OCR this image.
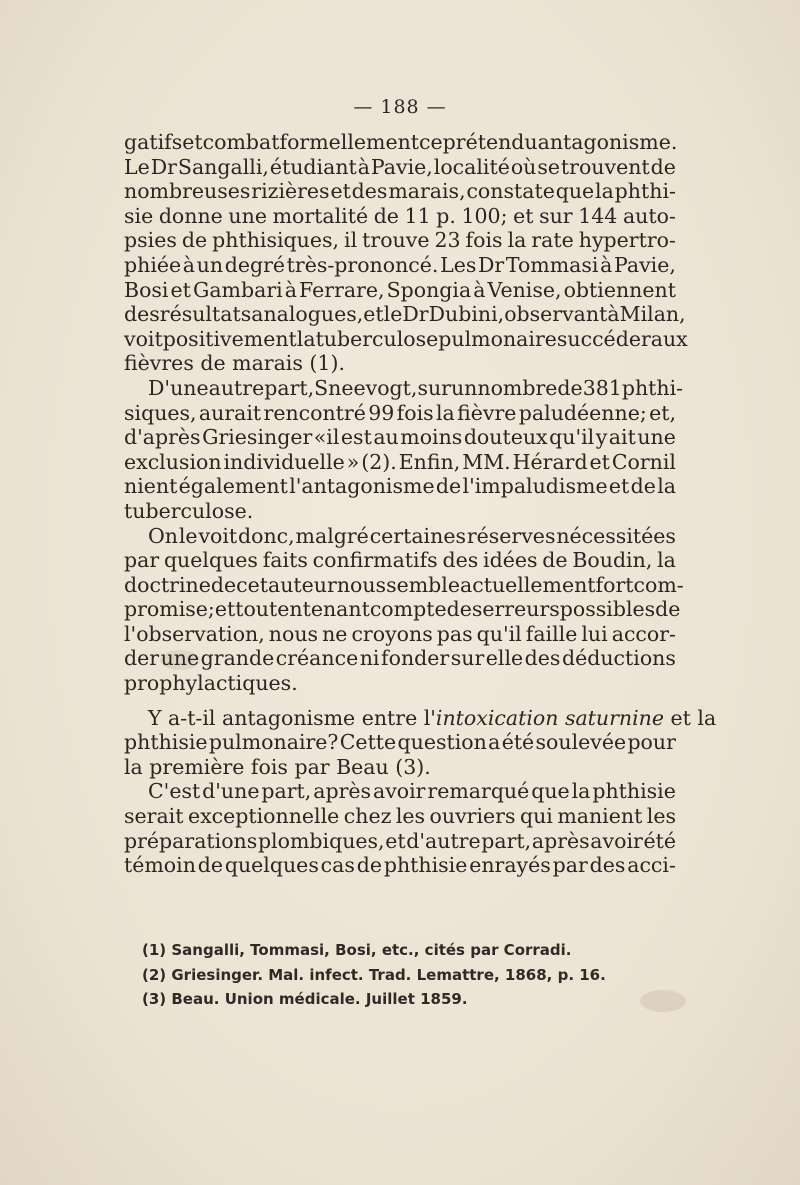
— 188 —
gatifs et combat formellement ce prétendu antagonisme.
Le Dr Sangalli, étudiant à Pavie, localité où se trouvent de
nombreuses rizières et des marais, constate que la phthi-
sie donne une mortalité de 11 p. 100; et sur 144 auto-
psies de phthisiques, il trouve 23 fois la rate hypertro-
phiée à un degré très-prononcé. Les Dr Tommasi à Pavie,
Bosi et Gambari à Ferrare, Spongia à Venise, obtiennent
des résultats analogues, et le Dr Dubini, observant à Milan,
voit positivement la tuberculose pulmonaire succéder aux
fièvres de marais (1).
D'une autre part, Sneevogt, sur un nombre de 381 phthi-
siques, aurait rencontré 99 fois la fièvre paludéenne; et,
d'après Griesinger «il est au moins douteux qu'il y ait une
exclusion individuelle » (2). Enfin, MM. Hérard et Cornil
nient également l'antagonisme de l'impaludisme et de la
tuberculose.
On le voit donc, malgré certaines réserves nécessitées
par quelques faits confirmatifs des idées de Boudin, la
doctrine de cet auteur nous semble actuellement fort com-
promise; et tout en tenant compte des erreurs possibles de
l'observation, nous ne croyons pas qu'il faille lui accor-
der une grande créance ni fonder sur elle des déductions
prophylactiques.
Y a-t-il antagonisme entre l' intoxication saturnine et la
phthisie pulmonaire? Cette question a été soulevée pour
la première fois par Beau (3).
C'est d'une part, après avoir remarqué que la phthisie
serait exceptionnelle chez les ouvriers qui manient les
préparations plombiques, et d'autre part, après avoir été
témoin de quelques cas de phthisie enrayés par des acci-
(1) Sangalli, Tommasi, Bosi, etc., cités par Corradi.
(2) Griesinger. Mal. infect. Trad. Lemattre, 1868, p. 16.
(3) Beau. Union médicale. Juillet 1859.
